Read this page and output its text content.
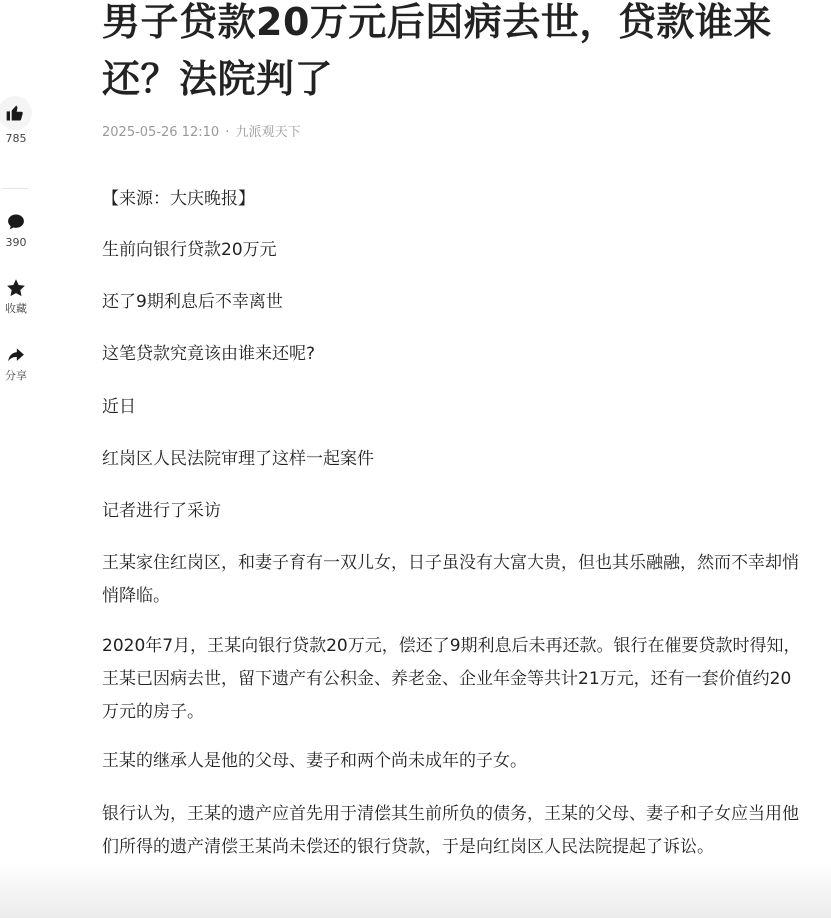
785
390
收藏
分享
男子贷款20万元后因病去世，贷款谁来还？法院判了
2025-05-26 12:10 · 九派观天下

【来源：大庆晚报】

生前向银行贷款20万元

还了9期利息后不幸离世

这笔贷款究竟该由谁来还呢?

近日

红岗区人民法院审理了这样一起案件

记者进行了采访

王某家住红岗区，和妻子育有一双儿女，日子虽没有大富大贵，但也其乐融融，然而不幸却悄悄降临。

2020年7月，王某向银行贷款20万元，偿还了9期利息后未再还款。银行在催要贷款时得知，王某已因病去世，留下遗产有公积金、养老金、企业年金等共计21万元，还有一套价值约20万元的房子。

王某的继承人是他的父母、妻子和两个尚未成年的子女。

银行认为，王某的遗产应首先用于清偿其生前所负的债务，王某的父母、妻子和子女应当用他们所得的遗产清偿王某尚未偿还的银行贷款，于是向红岗区人民法院提起了诉讼。
